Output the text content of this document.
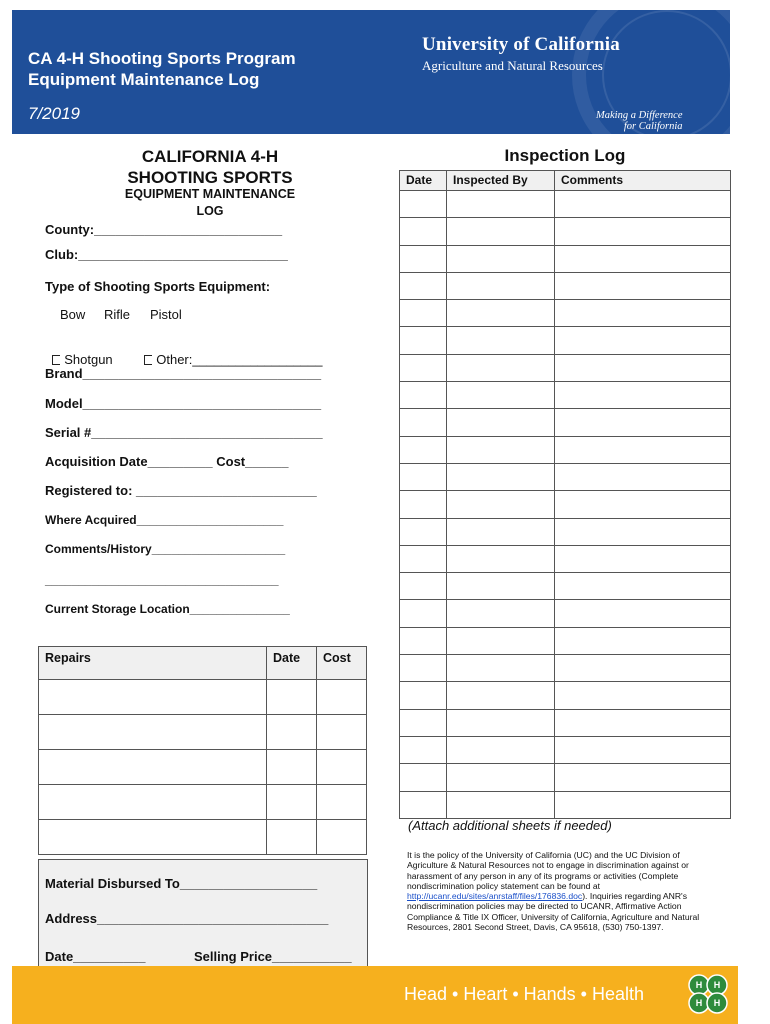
CA 4-H Shooting Sports Program
Equipment Maintenance Log
7/2019
University of California
Agriculture and Natural Resources
Making a Difference
for California
CALIFORNIA 4-H
SHOOTING SPORTS
EQUIPMENT MAINTENANCE
LOG
County:__________________________
Club:_____________________________
Type of Shooting Sports Equipment:
Bow Rifle Pistol

Shotgun	Other:__________________

Brand_________________________________
Model_________________________________
Serial #________________________________
Acquisition Date_________ Cost______
Registered to: _________________________
Where Acquired______________________
Comments/History____________________
___________________________________
Current Storage Location_______________
Repairs	Date	Cost

Material Disbursed To___________________
Address________________________________
Date__________	Selling Price___________
Inspection Log
Date	Inspected By	Comments

(Attach additional sheets if needed)
It is the policy of the University of California (UC) and the UC Division of Agriculture & Natural Resources not to engage in discrimination against or harassment of any person in any of its programs or activities (Complete nondiscrimination policy statement can be found at http://ucanr.edu/sites/anrstaff/files/176836.doc). Inquiries regarding ANR's nondiscrimination policies may be directed to UCANR, Affirmative Action Compliance & Title IX Officer, University of California, Agriculture and Natural Resources, 2801 Second Street, Davis, CA 95618, (530) 750-1397.
Head • Heart • Hands • Health	H H
H H
